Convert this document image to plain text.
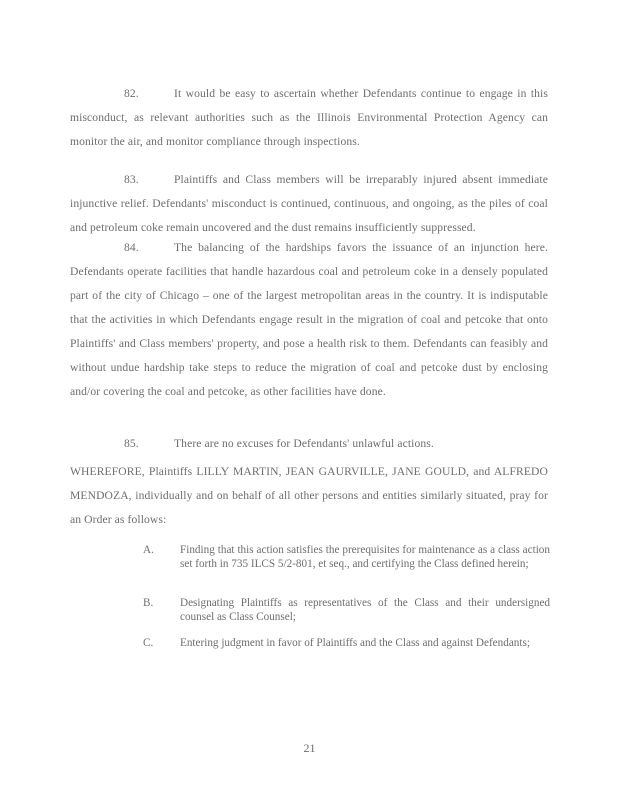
82.	It would be easy to ascertain whether Defendants continue to engage in this misconduct, as relevant authorities such as the Illinois Environmental Protection Agency can monitor the air, and monitor compliance through inspections.

83.	Plaintiffs and Class members will be irreparably injured absent immediate injunctive relief. Defendants' misconduct is continued, continuous, and ongoing, as the piles of coal and petroleum coke remain uncovered and the dust remains insufficiently suppressed.

84.	The balancing of the hardships favors the issuance of an injunction here. Defendants operate facilities that handle hazardous coal and petroleum coke in a densely populated part of the city of Chicago – one of the largest metropolitan areas in the country. It is indisputable that the activities in which Defendants engage result in the migration of coal and petcoke that onto Plaintiffs' and Class members' property, and pose a health risk to them. Defendants can feasibly and without undue hardship take steps to reduce the migration of coal and petcoke dust by enclosing and/or covering the coal and petcoke, as other facilities have done.

85.	There are no excuses for Defendants' unlawful actions.

WHEREFORE, Plaintiffs LILLY MARTIN, JEAN GAURVILLE, JANE GOULD, and ALFREDO MENDOZA, individually and on behalf of all other persons and entities similarly situated, pray for an Order as follows:

A. Finding that this action satisfies the prerequisites for maintenance as a class action set forth in 735 ILCS 5/2-801, et seq., and certifying the Class defined herein;
B. Designating Plaintiffs as representatives of the Class and their undersigned counsel as Class Counsel;
C. Entering judgment in favor of Plaintiffs and the Class and against Defendants;
21
